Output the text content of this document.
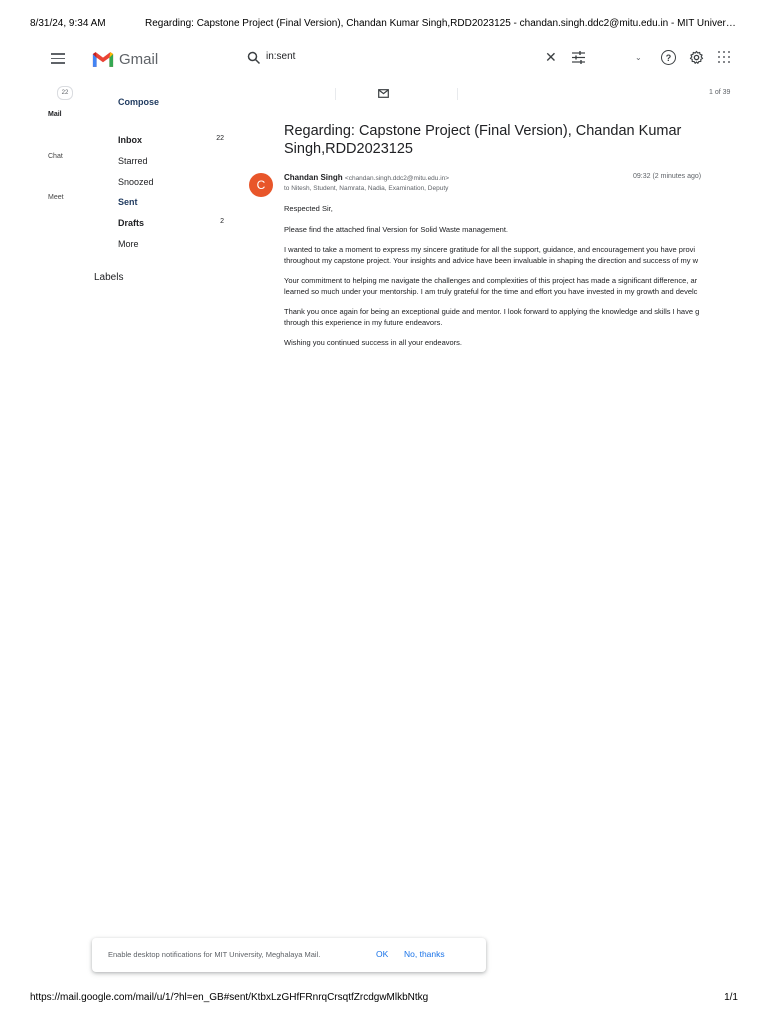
8/31/24, 9:34 AM	Regarding: Capstone Project (Final Version), Chandan Kumar Singh,RDD2023125 - chandan.singh.ddc2@mitu.edu.in - MIT Univer…
Gmail	in:sent	✕	⌄	?
22
Mail
Chat
Meet
Compose
Inbox	22
Starred
Snoozed
Sent
Drafts	2
More
Labels
1 of 39
Regarding: Capstone Project (Final Version), Chandan Kumar Singh,RDD2023125
C
Chandan Singh <chandan.singh.ddc2@mitu.edu.in>	09:32 (2 minutes ago)
to Nitesh, Student, Namrata, Nadia, Examination, Deputy

Respected Sir,

Please find the attached final Version for Solid Waste management.

I wanted to take a moment to express my sincere gratitude for all the support, guidance, and encouragement you have provi

throughout my capstone project. Your insights and advice have been invaluable in shaping the direction and success of my w

Your commitment to helping me navigate the challenges and complexities of this project has made a significant difference, ar

learned so much under your mentorship. I am truly grateful for the time and effort you have invested in my growth and develc

Thank you once again for being an exceptional guide and mentor. I look forward to applying the knowledge and skills I have g

through this experience in my future endeavors.

Wishing you continued success in all your endeavors.

Enable desktop notifications for MIT University, Meghalaya Mail.	OK No, thanks
https://mail.google.com/mail/u/1/?hl=en_GB#sent/KtbxLzGHfFRnrqCrsqtfZrcdgwMlkbNtkg	1/1
